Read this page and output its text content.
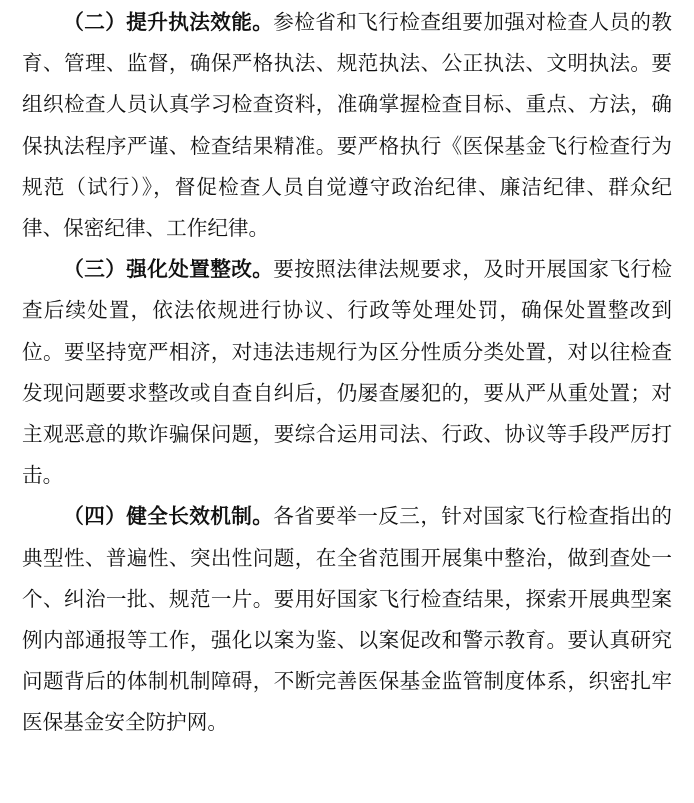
（二）提升执法效能。参检省和飞行检查组要加强对检查人员的教育、管理、监督，确保严格执法、规范执法、公正执法、文明执法。要组织检查人员认真学习检查资料，准确掌握检查目标、重点、方法，确保执法程序严谨、检查结果精准。要严格执行《医保基金飞行检查行为规范（试行）》，督促检查人员自觉遵守政治纪律、廉洁纪律、群众纪律、保密纪律、工作纪律。

（三）强化处置整改。要按照法律法规要求，及时开展国家飞行检查后续处置，依法依规进行协议、行政等处理处罚，确保处置整改到位。要坚持宽严相济，对违法违规行为区分性质分类处置，对以往检查发现问题要求整改或自查自纠后，仍屡查屡犯的，要从严从重处置；对主观恶意的欺诈骗保问题，要综合运用司法、行政、协议等手段严厉打击。

（四）健全长效机制。各省要举一反三，针对国家飞行检查指出的典型性、普遍性、突出性问题，在全省范围开展集中整治，做到查处一个、纠治一批、规范一片。要用好国家飞行检查结果，探索开展典型案例内部通报等工作，强化以案为鉴、以案促改和警示教育。要认真研究问题背后的体制机制障碍，不断完善医保基金监管制度体系，织密扎牢医保基金安全防护网。
